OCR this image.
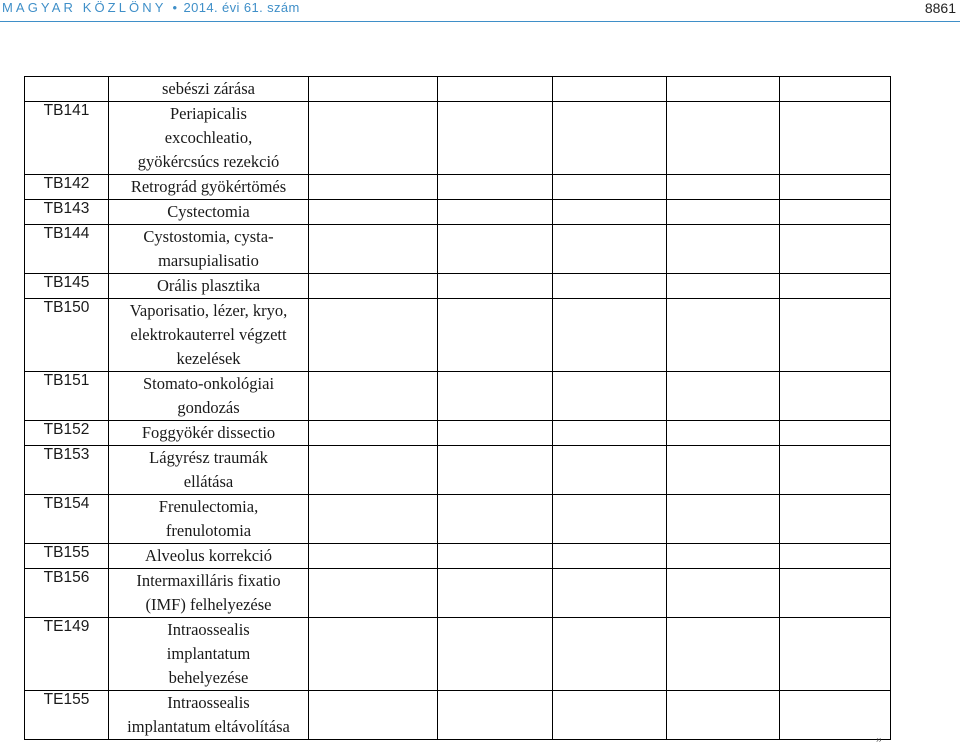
MAGYAR KÖZLÖNY • 2014. évi 61. szám	8861

	sebészi zárása					

TB141	Periapicalis
excochleatio,
gyökércsúcs rezekció					

TB142	Retrográd gyökértömés					

TB143	Cystectomia					

TB144	Cystostomia, cysta-
marsupialisatio					

TB145	Orális plasztika					

TB150	Vaporisatio, lézer, kryo,
elektrokauterrel végzett
kezelések					

TB151	Stomato-onkológiai
gondozás					

TB152	Foggyökér dissectio					

TB153	Lágyrész traumák
ellátása					

TB154	Frenulectomia,
frenulotomia					

TB155	Alveolus korrekció					

TB156	Intermaxilláris fixatio
(IMF) felhelyezése					

TE149	Intraossealis
implantatum
behelyezése					

TE155	Intraossealis
implantatum eltávolítása					
						„
